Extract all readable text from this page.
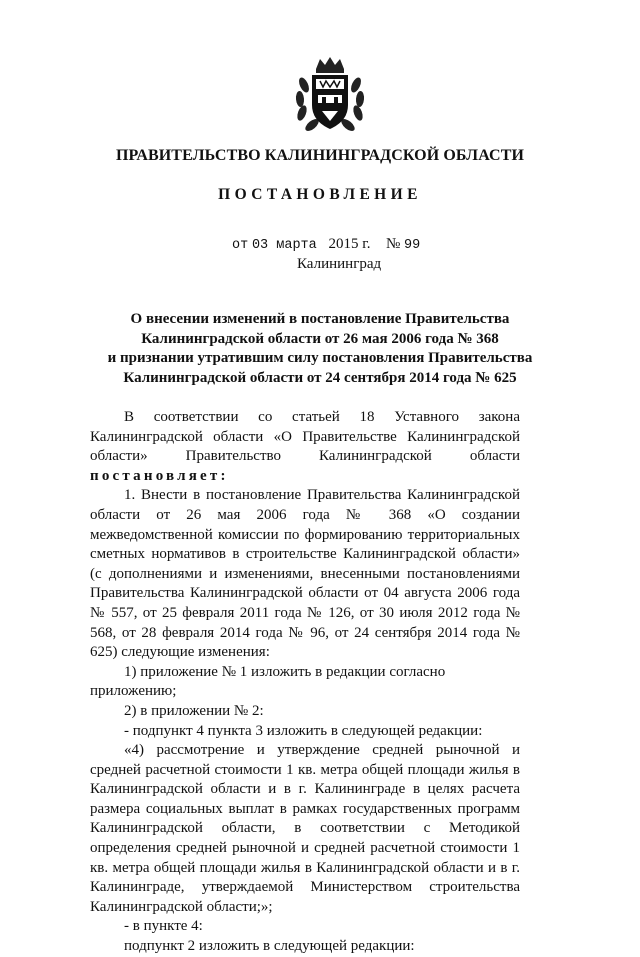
ПРАВИТЕЛЬСТВО КАЛИНИНГРАДСКОЙ ОБЛАСТИ
ПОСТАНОВЛЕНИЕ
от 03 марта 2015 г. № 99
Калининград
О внесении изменений в постановление Правительства
Калининградской области от 26 мая 2006 года № 368
и признании утратившим силу постановления Правительства
Калининградской области от 24 сентября 2014 года № 625

В соответствии со статьей 18 Уставного закона Калининградской области «О Правительстве Калининградской области» Правительство Калининградской области постановляет:

1. Внести в постановление Правительства Калининградской области от 26 мая 2006 года № 368 «О создании межведомственной комиссии по формированию территориальных сметных нормативов в строительстве Калининградской области» (с дополнениями и изменениями, внесенными постановлениями Правительства Калининградской области от 04 августа 2006 года № 557, от 25 февраля 2011 года № 126, от 30 июля 2012 года № 568, от 28 февраля 2014 года № 96, от 24 сентября 2014 года № 625) следующие изменения:

1) приложение № 1 изложить в редакции согласно приложению;

2) в приложении № 2:

- подпункт 4 пункта 3 изложить в следующей редакции:

«4) рассмотрение и утверждение средней рыночной и средней расчетной стоимости 1 кв. метра общей площади жилья в Калининградской области и в г. Калининграде в целях расчета размера социальных выплат в рамках государственных программ Калининградской области, в соответствии с Методикой определения средней рыночной и средней расчетной стоимости 1 кв. метра общей площади жилья в Калининградской области и в г. Калининграде, утверждаемой Министерством строительства Калининградской области;»;

- в пункте 4:

подпункт 2 изложить в следующей редакции:
